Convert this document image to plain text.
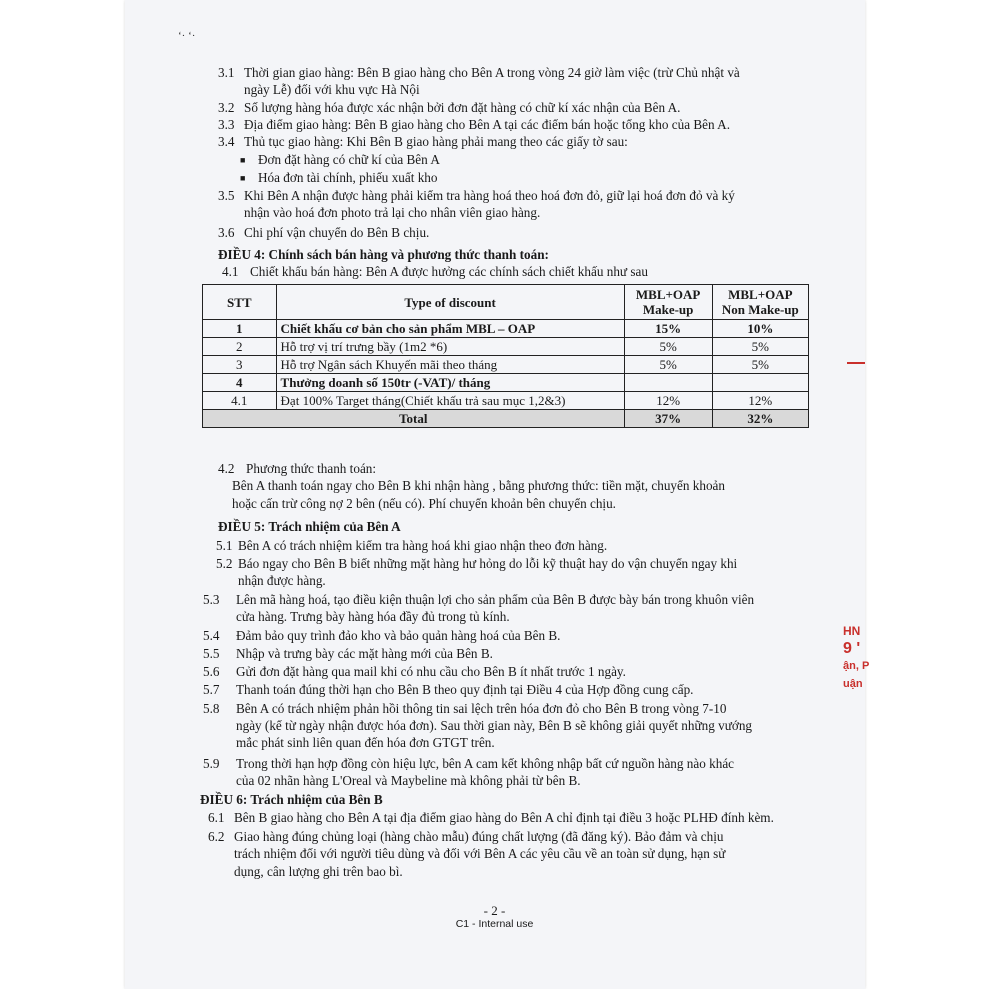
‘· ‘·
3.1 Thời gian giao hàng: Bên B giao hàng cho Bên A trong vòng 24 giờ làm việc (trừ Chủ nhật và
ngày Lễ) đối với khu vực Hà Nội
3.2 Số lượng hàng hóa được xác nhận bởi đơn đặt hàng có chữ kí xác nhận của Bên A.
3.3 Địa điểm giao hàng: Bên B giao hàng cho Bên A tại các điểm bán hoặc tổng kho của Bên A.
3.4 Thủ tục giao hàng: Khi Bên B giao hàng phải mang theo các giấy tờ sau:
■ Đơn đặt hàng có chữ kí của Bên A
■ Hóa đơn tài chính, phiếu xuất kho
3.5 Khi Bên A nhận được hàng phải kiểm tra hàng hoá theo hoá đơn đỏ, giữ lại hoá đơn đỏ và ký
nhận vào hoá đơn photo trả lại cho nhân viên giao hàng.
3.6 Chi phí vận chuyển do Bên B chịu.
ĐIỀU 4: Chính sách bán hàng và phương thức thanh toán:
4.1 Chiết khấu bán hàng: Bên A được hưởng các chính sách chiết khấu như sau
STT	Type of discount	MBL+OAP Make-up	MBL+OAP Non Make-up
1	Chiết khấu cơ bản cho sản phẩm MBL – OAP	15%	10%
2	Hỗ trợ vị trí trưng bầy (1m2 *6)	5%	5%
3	Hỗ trợ Ngân sách Khuyến mãi theo tháng	5%	5%
4	Thưởng doanh số 150tr (-VAT)/ tháng		
4.1	Đạt 100% Target tháng(Chiết khấu trả sau mục 1,2&3)	12%	12%
Total		37%	32%
4.2 Phương thức thanh toán:
Bên A thanh toán ngay cho Bên B khi nhận hàng , bằng phương thức: tiền mặt, chuyển khoản
hoặc cấn trừ công nợ 2 bên (nếu có). Phí chuyển khoản bên chuyển chịu.
ĐIỀU 5: Trách nhiệm của Bên A
5.1 Bên A có trách nhiệm kiểm tra hàng hoá khi giao nhận theo đơn hàng.
5.2 Báo ngay cho Bên B biết những mặt hàng hư hỏng do lỗi kỹ thuật hay do vận chuyển ngay khi
nhận được hàng.
5.3 Lên mã hàng hoá, tạo điều kiện thuận lợi cho sản phẩm của Bên B được bày bán trong khuôn viên
cửa hàng. Trưng bày hàng hóa đầy đủ trong tủ kính.
5.4 Đảm bảo quy trình đảo kho và bảo quản hàng hoá của Bên B.
5.5 Nhập và trưng bày các mặt hàng mới của Bên B.
5.6 Gửi đơn đặt hàng qua mail khi có nhu cầu cho Bên B ít nhất trước 1 ngày.
5.7 Thanh toán đúng thời hạn cho Bên B theo quy định tại Điều 4 của Hợp đồng cung cấp.
5.8 Bên A có trách nhiệm phản hồi thông tin sai lệch trên hóa đơn đỏ cho Bên B trong vòng 7-10
ngày (kể từ ngày nhận được hóa đơn). Sau thời gian này, Bên B sẽ không giải quyết những vướng
mắc phát sinh liên quan đến hóa đơn GTGT trên.
5.9 Trong thời hạn hợp đồng còn hiệu lực, bên A cam kết không nhập bất cứ nguồn hàng nào khác
của 02 nhãn hàng L'Oreal và Maybeline mà không phải từ bên B.
ĐIỀU 6: Trách nhiệm của Bên B
6.1 Bên B giao hàng cho Bên A tại địa điểm giao hàng do Bên A chỉ định tại điều 3 hoặc PLHĐ đính kèm.
6.2 Giao hàng đúng chủng loại (hàng chào mẫu) đúng chất lượng (đã đăng ký). Bảo đảm và chịu
trách nhiệm đối với người tiêu dùng và đối với Bên A các yêu cầu về an toàn sử dụng, hạn sử
dụng, cân lượng ghi trên bao bì.
- 2 -
C1 - Internal use
HN
9 '
ận, P
uận
